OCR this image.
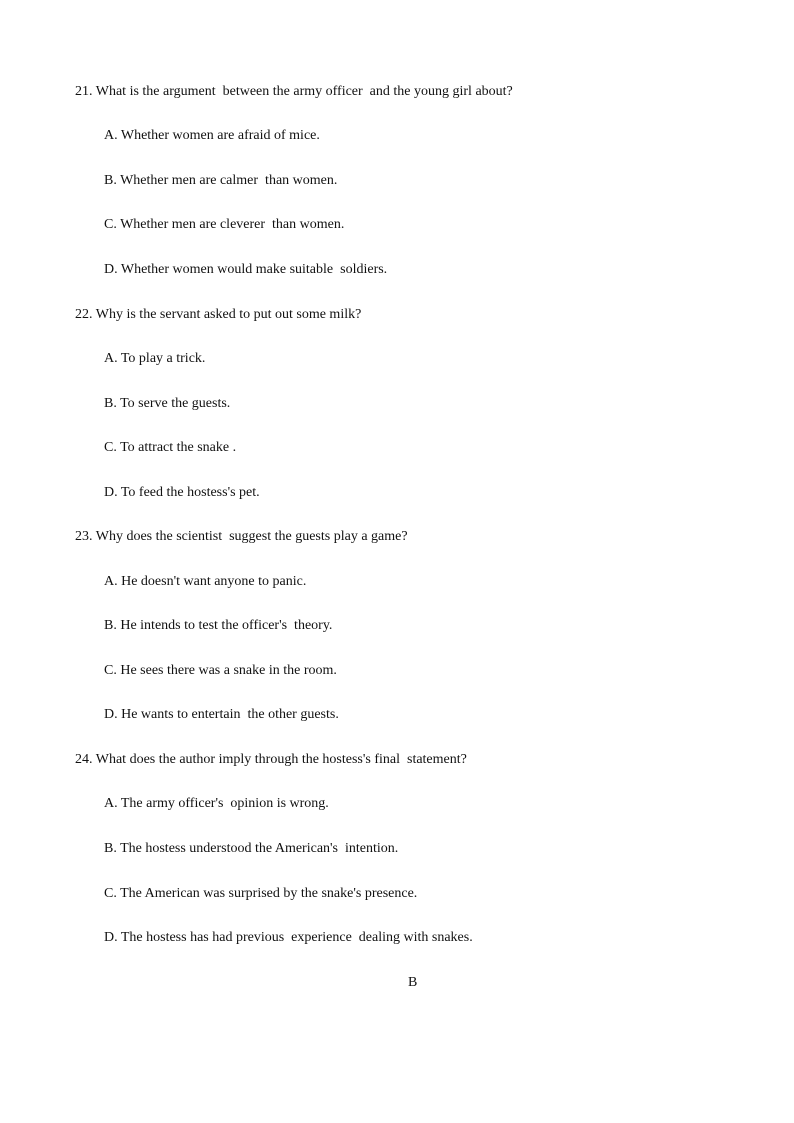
21. What is the argument  between the army officer  and the young girl about?
A. Whether women are afraid of mice.
B. Whether men are calmer  than women.
C. Whether men are cleverer  than women.
D. Whether women would make suitable  soldiers.
22. Why is the servant asked to put out some milk?
A. To play a trick.
B. To serve the guests.
C. To attract the snake .
D. To feed the hostess's pet.
23. Why does the scientist  suggest the guests play a game?
A. He doesn't want anyone to panic.
B. He intends to test the officer's  theory.
C. He sees there was a snake in the room.
D. He wants to entertain  the other guests.
24. What does the author imply through the hostess's final  statement?
A. The army officer's  opinion is wrong.
B. The hostess understood the American's  intention.
C. The American was surprised by the snake's presence.
D. The hostess has had previous  experience  dealing with snakes.
B
